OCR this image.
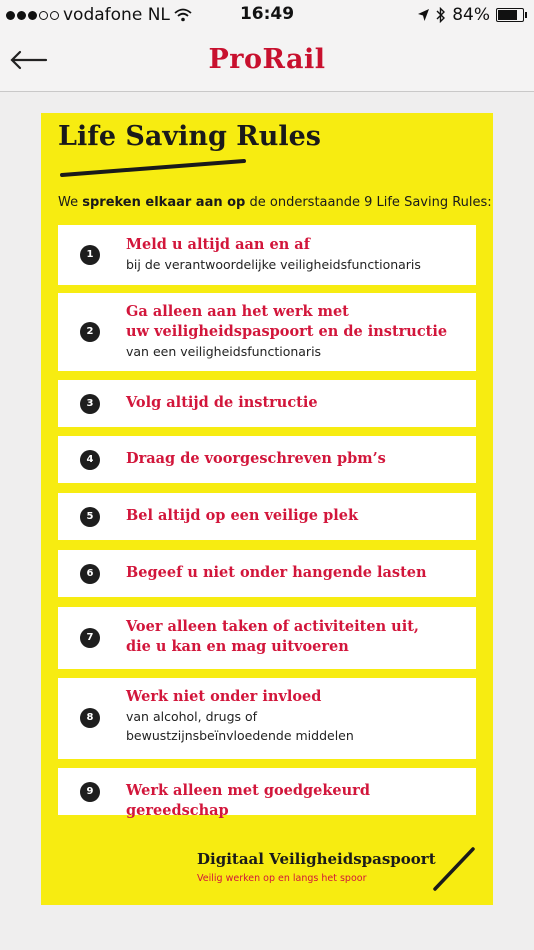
vodafone NL	16:49	84%
ProRail
Life Saving Rules
We spreken elkaar aan op de onderstaande 9 Life Saving Rules:
1
Meld u altijd aan en af
bij de verantwoordelijke veiligheidsfunctionaris
2
Ga alleen aan het werk met
uw veiligheidspaspoort en de instructie
van een veiligheidsfunctionaris
3	Volg altijd de instructie
4	Draag de voorgeschreven pbm’s
5	Bel altijd op een veilige plek
6	Begeef u niet onder hangende lasten
7
Voer alleen taken of activiteiten uit,
die u kan en mag uitvoeren
8
Werk niet onder invloed
van alcohol, drugs of
bewustzijnsbeïnvloedende middelen
9	Werk alleen met goedgekeurd gereedschap
Digitaal Veiligheidspaspoort
Veilig werken op en langs het spoor
